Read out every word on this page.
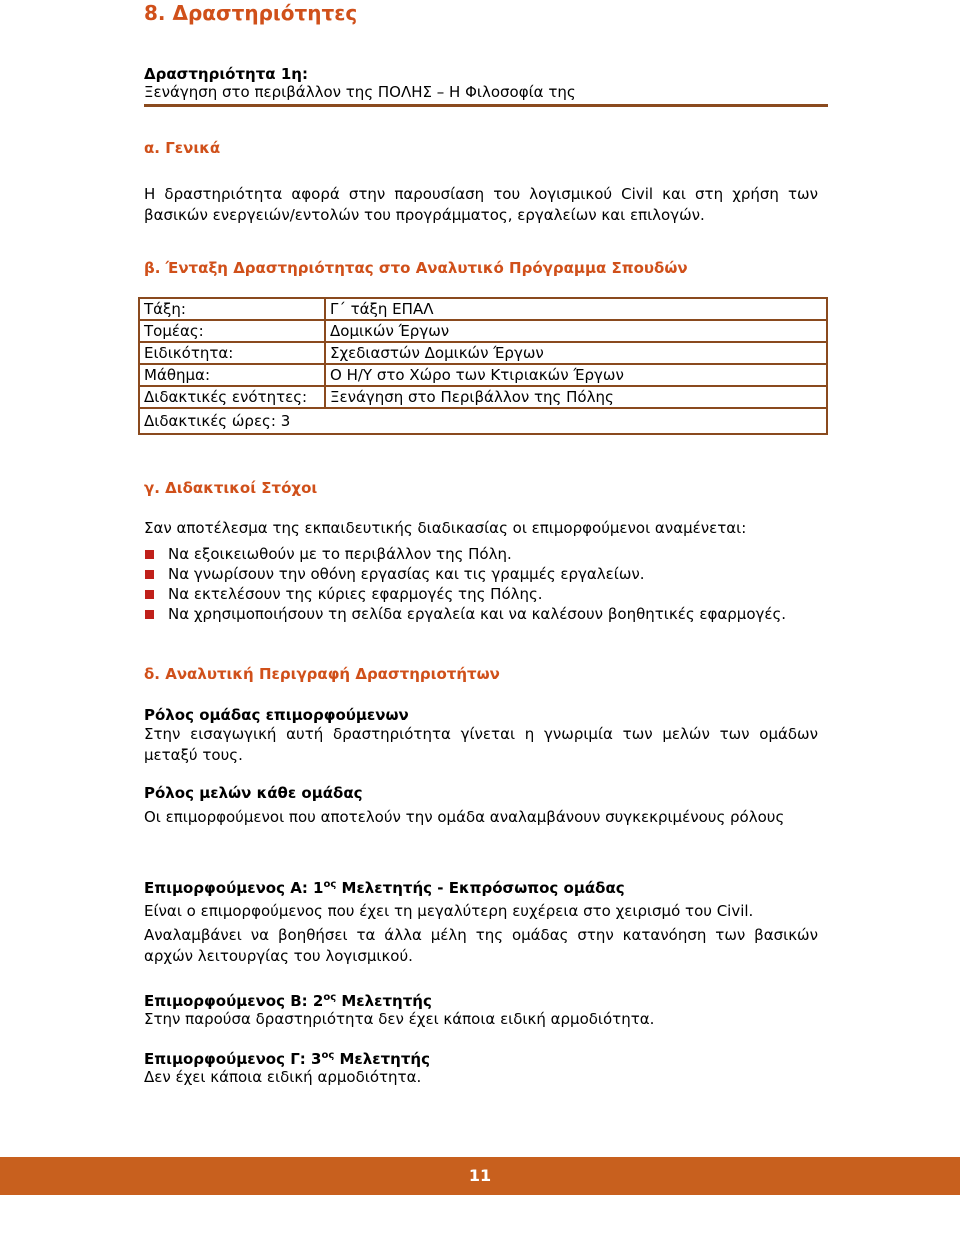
8. Δραστηριότητες
Δραστηριότητα 1η:
Ξενάγηση στο περιβάλλον της ΠΟΛΗΣ – Η Φιλοσοφία της
α. Γενικά
Η δραστηριότητα αφορά στην παρουσίαση του λογισμικού Civil και στη χρήση των βασικών ενεργειών/εντολών του προγράμματος, εργαλείων και επιλογών.
β. Ένταξη Δραστηριότητας στο Αναλυτικό Πρόγραμμα Σπουδών
Τάξη:	Γ΄ τάξη ΕΠΑΛ
Τομέας:	Δομικών Έργων
Ειδικότητα:	Σχεδιαστών Δομικών Έργων
Μάθημα:	Ο Η/Υ στο Χώρο των Κτιριακών Έργων
Διδακτικές ενότητες:	Ξενάγηση στο Περιβάλλον της Πόλης
Διδακτικές ώρες: 3	
γ. Διδακτικοί Στόχοι
Σαν αποτέλεσμα της εκπαιδευτικής διαδικασίας οι επιμορφούμενοι αναμένεται:
Να εξοικειωθούν με το περιβάλλον της Πόλη.
Να γνωρίσουν την οθόνη εργασίας και τις γραμμές εργαλείων.
Να εκτελέσουν της κύριες εφαρμογές της Πόλης.
Να χρησιμοποιήσουν τη σελίδα εργαλεία και να καλέσουν βοηθητικές εφαρμογές.
δ. Αναλυτική Περιγραφή Δραστηριοτήτων
Ρόλος ομάδας επιμορφούμενων
Στην εισαγωγική αυτή δραστηριότητα γίνεται η γνωριμία των μελών των ομάδων μεταξύ τους.
Ρόλος μελών κάθε ομάδας
Οι επιμορφούμενοι που αποτελούν την ομάδα αναλαμβάνουν συγκεκριμένους ρόλους
Επιμορφούμενος Α: $1^{o\varsigma}$ Μελετητής - Εκπρόσωπος ομάδας
Είναι ο επιμορφούμενος που έχει τη μεγαλύτερη ευχέρεια στο χειρισμό του Civil.
Αναλαμβάνει να βοηθήσει τα άλλα μέλη της ομάδας στην κατανόηση των βασικών αρχών λειτουργίας του λογισμικού.
Επιμορφούμενος Β: $2^{o\varsigma}$ Μελετητής
Στην παρούσα δραστηριότητα δεν έχει κάποια ειδική αρμοδιότητα.
Επιμορφούμενος Γ: $3^{o\varsigma}$ Μελετητής
Δεν έχει κάποια ειδική αρμοδιότητα.
11
